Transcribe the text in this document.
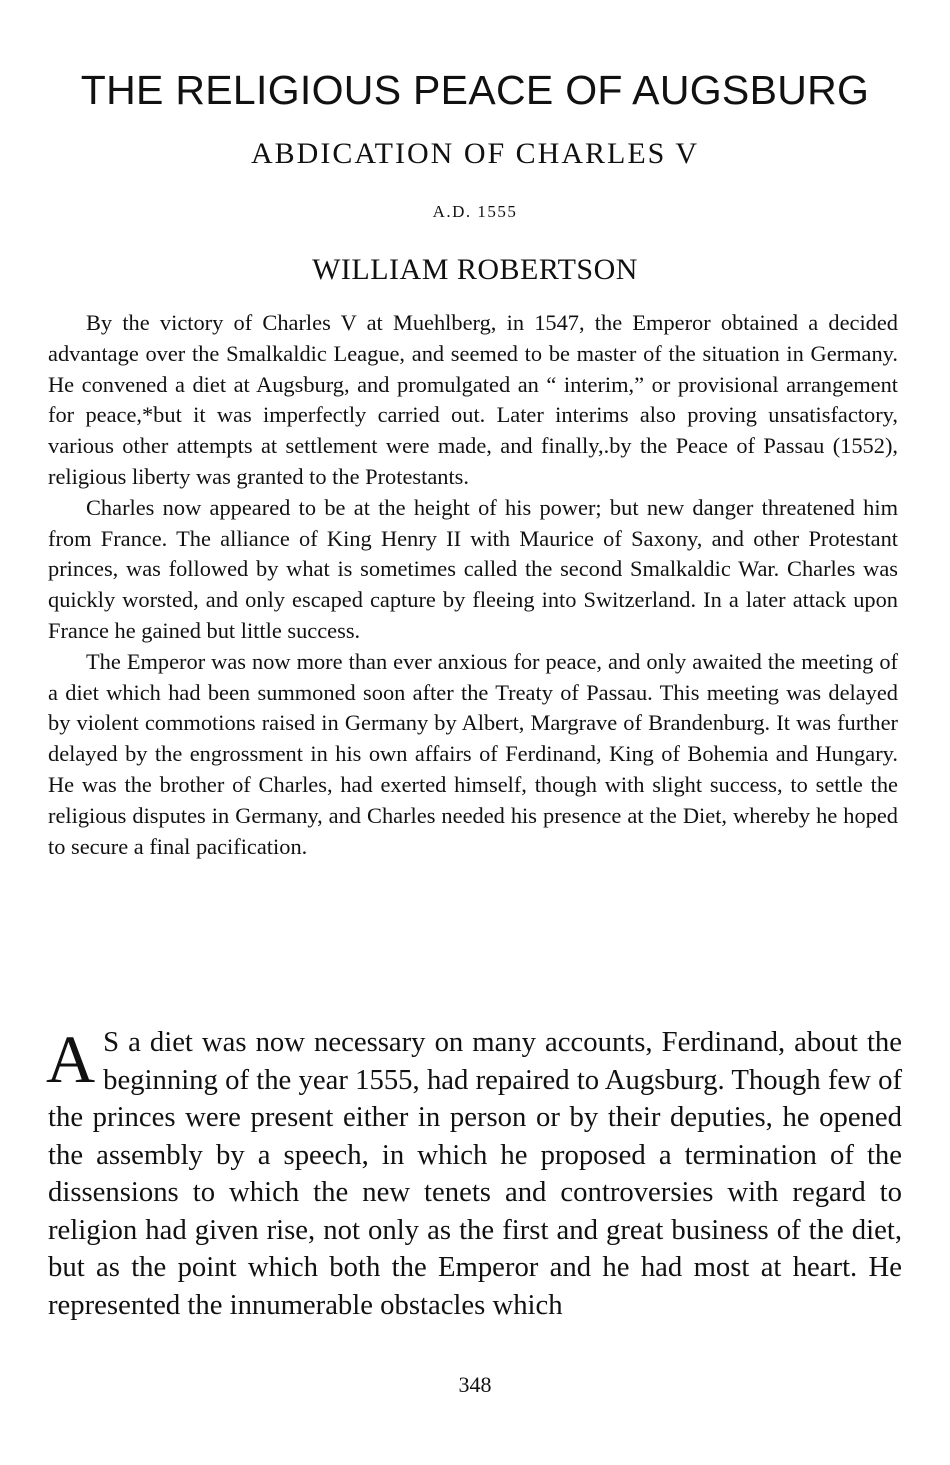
THE RELIGIOUS PEACE OF AUGSBURG
ABDICATION OF CHARLES V
A.D. 1555
WILLIAM ROBERTSON

By the victory of Charles V at Muehlberg, in 1547, the Emperor obtained a decided advantage over the Smalkaldic League, and seemed to be master of the situation in Germany. He convened a diet at Augsburg, and promulgated an “ interim,” or provisional arrangement for peace,*but it was imperfectly carried out. Later interims also proving unsatisfactory, various other attempts at settlement were made, and finally,.by the Peace of Passau (1552), religious liberty was granted to the Protestants.

Charles now appeared to be at the height of his power; but new danger threatened him from France. The alliance of King Henry II with Maurice of Saxony, and other Protestant princes, was followed by what is sometimes called the second Smalkaldic War. Charles was quickly worsted, and only escaped capture by fleeing into Switzerland. In a later attack upon France he gained but little success.

The Emperor was now more than ever anxious for peace, and only awaited the meeting of a diet which had been summoned soon after the Treaty of Passau. This meeting was delayed by violent commotions raised in Germany by Albert, Margrave of Brandenburg. It was further delayed by the engrossment in his own affairs of Ferdinand, King of Bohemia and Hungary. He was the brother of Charles, had exerted himself, though with slight success, to settle the religious disputes in Germany, and Charles needed his presence at the Diet, whereby he hoped to secure a final pacification.

A S a diet was now necessary on many accounts, Ferdinand, about the beginning of the year 1555, had repaired to Augsburg. Though few of the princes were present either in person or by their deputies, he opened the assembly by a speech, in which he proposed a termination of the dissensions to which the new tenets and controversies with regard to religion had given rise, not only as the first and great business of the diet, but as the point which both the Emperor and he had most at heart. He represented the innumerable obstacles which
348
